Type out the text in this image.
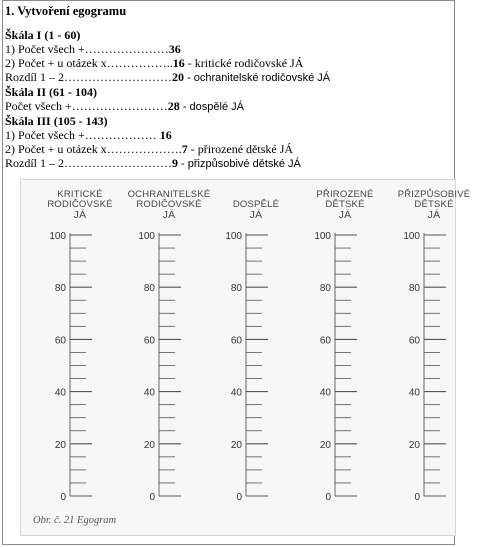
1. Vytvoření egogramu
Škála I (1 - 60)
1) Počet všech +…………………36
2) Počet + u otázek x……………..16 - kritické rodičovské JÁ
Rozdíl 1 – 2………………………20 - ochranitelské rodičovské JÁ
Škála II (61 - 104)
Počet všech +……………………28 - dospělé JÁ
Škála III (105 - 143)
1) Počet všech +……………… 16
2) Počet + u otázek x……………….7 - přirozené dětské JÁ
Rozdíl 1 – 2………………………9 - přizpůsobivé dětské JÁ
0
20
40
60
80
100
0
20
40
60
80
100
0
20
40
60
80
100
0
20
40
60
80
100
0
20
40
60
80
100
Obr. č. 21 Egogram
KRITICKÉ
RODIČOVSKÉ
JÁ
OCHRANITELSKÉ
RODIČOVSKÉ
JÁ

DOSPĚLÉ
JÁ
PŘIROZENÉ
DĚTSKÉ
JÁ
PŘIZPŮSOBIVÉ
DĚTSKÉ
JÁ
